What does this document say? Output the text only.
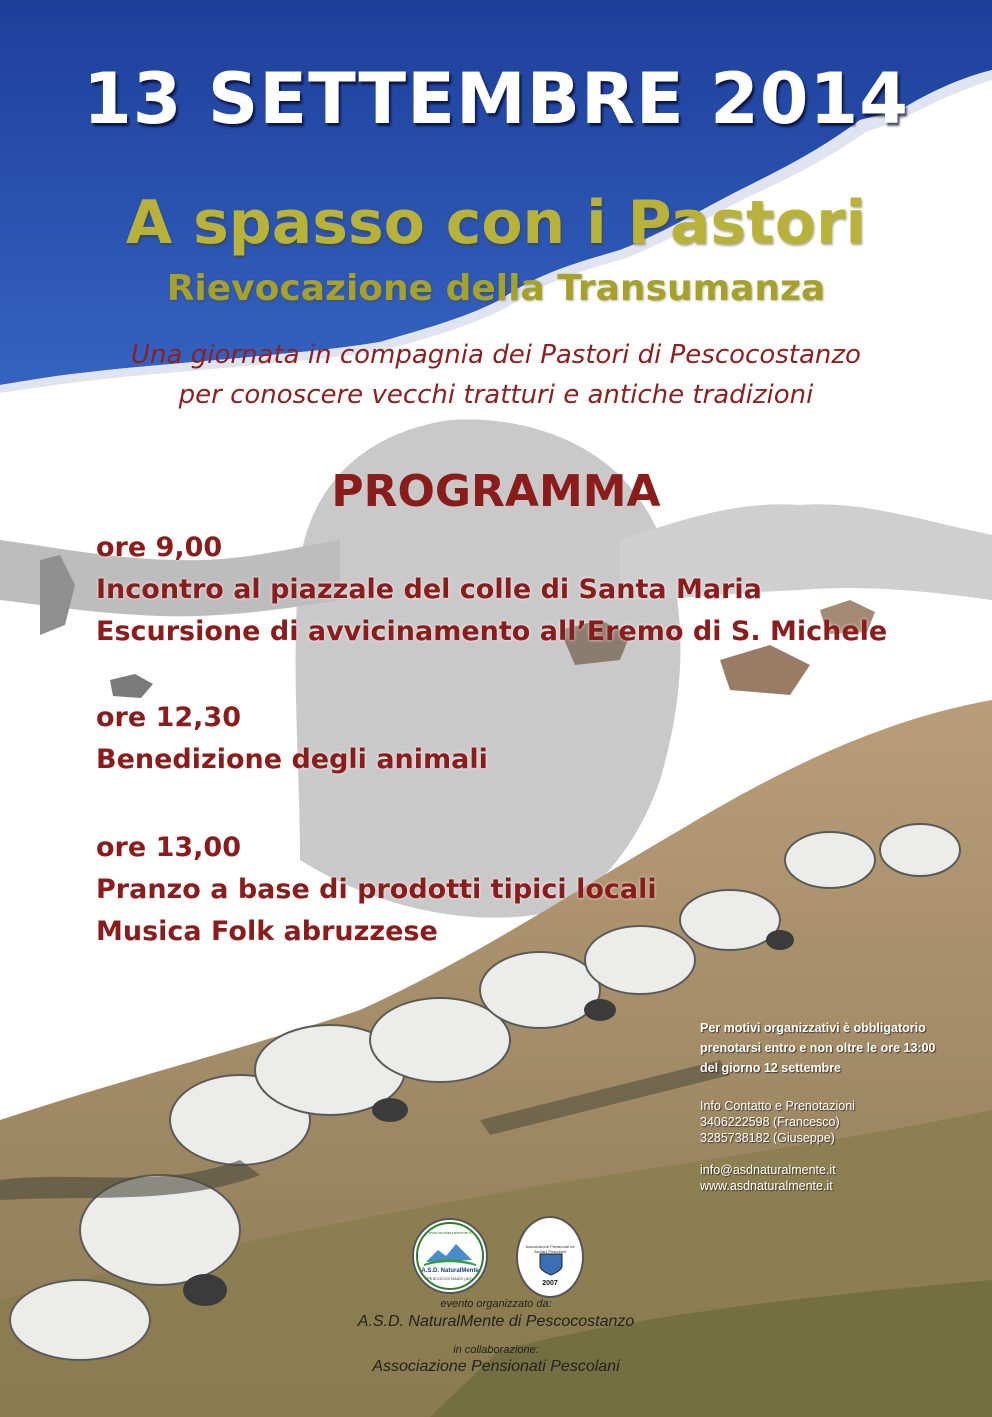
13 SETTEMBRE 2014
A spasso con i Pastori
Rievocazione della Transumanza
Una giornata in compagnia dei Pastori di Pescocostanzo
per conoscere vecchi tratturi e antiche tradizioni
PROGRAMMA
ore 9,00
Incontro al piazzale del colle di Santa Maria
Escursione di avvicinamento all’Eremo di S. Michele
ore 12,30
Benedizione degli animali
ore 13,00
Pranzo a base di prodotti tipici locali
Musica Folk abruzzese
Per motivi organizzativi è obbligatorio
prenotarsi entro e non oltre le ore 13:00
del giorno 12 settembre
Info Contatto e Prenotazioni
3406222598 (Francesco)
3285738182 (Giuseppe)
info@asdnaturalmente.it
www.asdnaturalmente.it
A.S.D. NaturalMente
PESCOCOSTANZO (AQ)
www.asdnaturalmente.it
Associazione Pensionati ed Anziani Pescolani
2007
evento organizzato da:
A.S.D. NaturalMente di Pescocostanzo
in collaborazione:
Associazione Pensionati Pescolani
